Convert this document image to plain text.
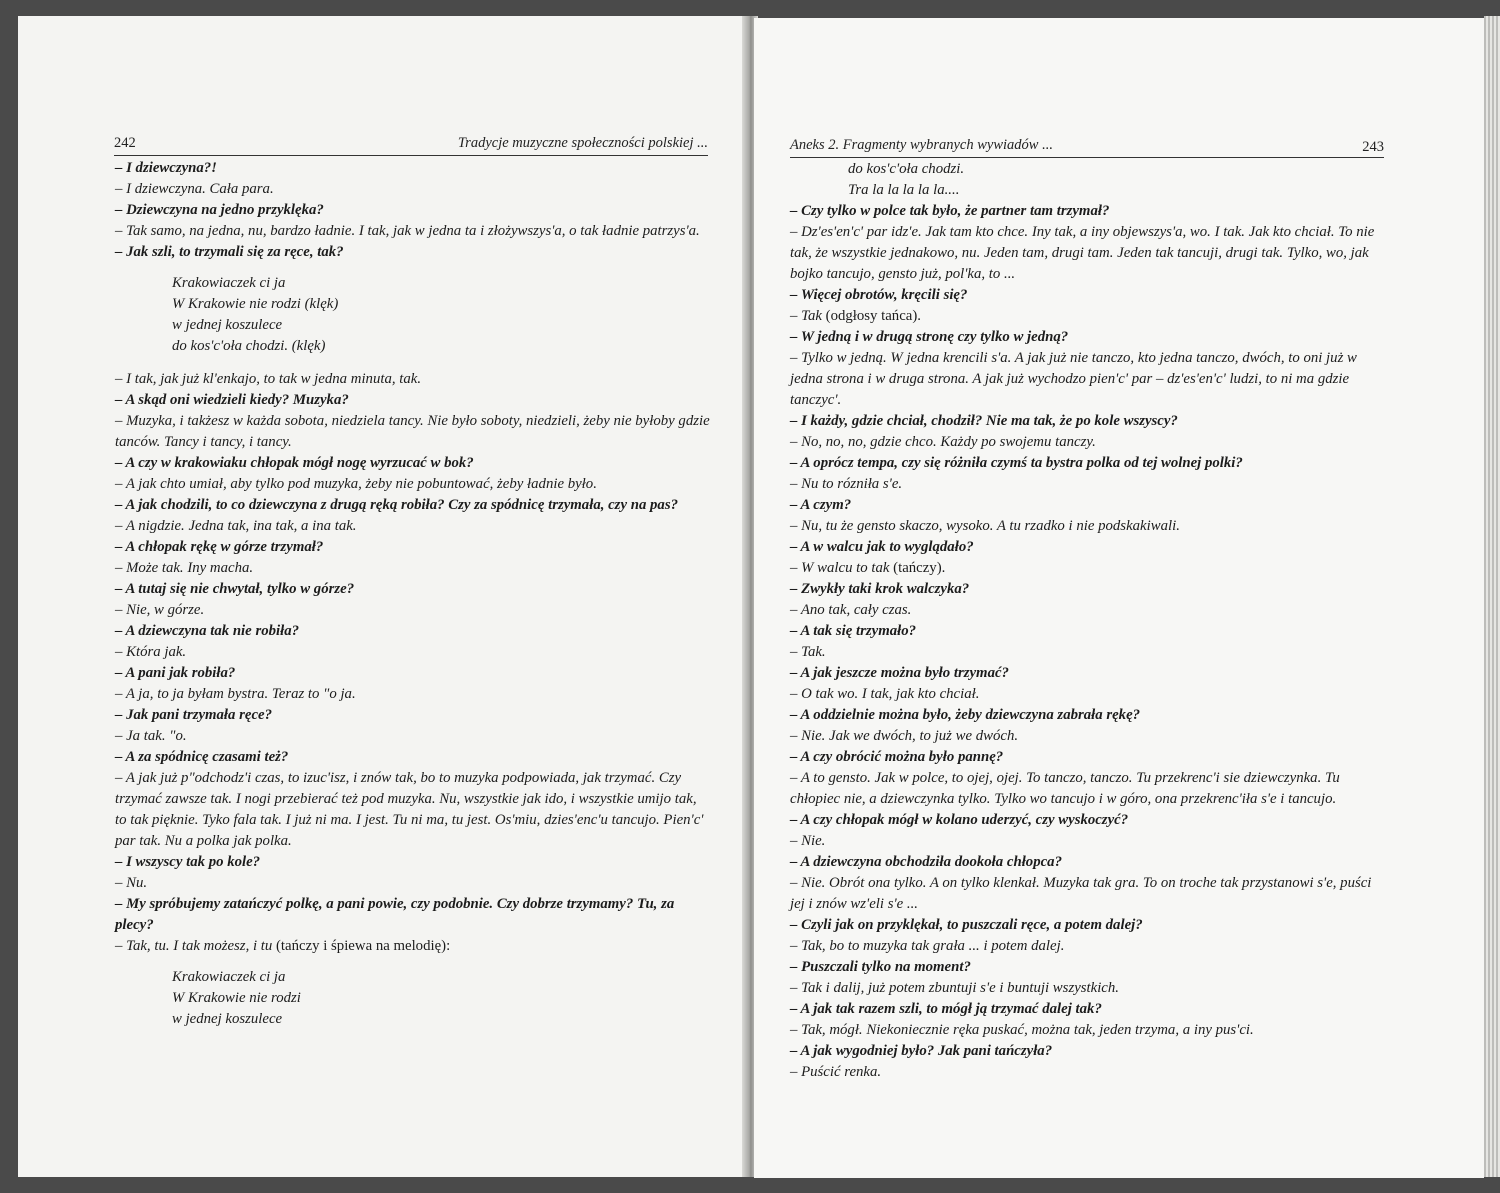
242	Tradycje muzyczne społeczności polskiej ...

– I dziewczyna?!

– I dziewczyna. Cała para.

– Dziewczyna na jedno przyklęka?

– Tak samo, na jedna, nu, bardzo ładnie. I tak, jak w jedna ta i złożywszys'a, o tak ładnie patrzys'a.

– Jak szli, to trzymali się za ręce, tak?

Krakowiaczek ci ja
W Krakowie nie rodzi (klęk)
w jednej koszulece
do kos'c'oła chodzi. (klęk)

– I tak, jak już kl'enkajo, to tak w jedna minuta, tak.

– A skąd oni wiedzieli kiedy? Muzyka?

– Muzyka, i takżesz w każda sobota, niedziela tancy. Nie było soboty, niedzieli, żeby nie byłoby gdzie tanców. Tancy i tancy, i tancy.

– A czy w krakowiaku chłopak mógł nogę wyrzucać w bok?

– A jak chto umiał, aby tylko pod muzyka, żeby nie pobuntować, żeby ładnie było.

– A jak chodzili, to co dziewczyna z drugą ręką robiła? Czy za spódnicę trzymała, czy na pas?

– A nigdzie. Jedna tak, ina tak, a ina tak.

– A chłopak rękę w górze trzymał?

– Może tak. Iny macha.

– A tutaj się nie chwytał, tylko w górze?

– Nie, w górze.

– A dziewczyna tak nie robiła?

– Która jak.

– A pani jak robiła?

– A ja, to ja byłam bystra. Teraz to "o ja.

– Jak pani trzymała ręce?

– Ja tak. "o.

– A za spódnicę czasami też?

– A jak już p"odchodz'i czas, to izuc'isz, i znów tak, bo to muzyka podpowiada, jak trzymać. Czy trzymać zawsze tak. I nogi przebierać też pod muzyka. Nu, wszystkie jak ido, i wszystkie umijo tak, to tak pięknie. Tyko fala tak. I już ni ma. I jest. Tu ni ma, tu jest. Os'miu, dzies'enc'u tancujo. Pien'c' par tak. Nu a polka jak polka.

– I wszyscy tak po kole?

– Nu.

– My spróbujemy zatańczyć polkę, a pani powie, czy podobnie. Czy dobrze trzymamy? Tu, za plecy?

– Tak, tu. I tak możesz, i tu (tańczy i śpiewa na melodię):

Krakowiaczek ci ja
W Krakowie nie rodzi
w jednej koszulece

Aneks 2. Fragmenty wybranych wywiadów ...	243

do kos'c'oła chodzi.
Tra la la la la la....

– Czy tylko w polce tak było, że partner tam trzymał?

– Dz'es'en'c' par idz'e. Jak tam kto chce. Iny tak, a iny objewszys'a, wo. I tak. Jak kto chciał. To nie tak, że wszystkie jednakowo, nu. Jeden tam, drugi tam. Jeden tak tancuji, drugi tak. Tylko, wo, jak bojko tancujo, gensto już, pol'ka, to ...

– Więcej obrotów, kręcili się?

– Tak (odgłosy tańca).

– W jedną i w drugą stronę czy tylko w jedną?

– Tylko w jedną. W jedna krencili s'a. A jak już nie tanczo, kto jedna tanczo, dwóch, to oni już w jedna strona i w druga strona. A jak już wychodzo pien'c' par – dz'es'en'c' ludzi, to ni ma gdzie tanczyc'.

– I każdy, gdzie chciał, chodził? Nie ma tak, że po kole wszyscy?

– No, no, no, gdzie chco. Każdy po swojemu tanczy.

– A oprócz tempa, czy się różniła czymś ta bystra polka od tej wolnej polki?

– Nu to rózniła s'e.

– A czym?

– Nu, tu że gensto skaczo, wysoko. A tu rzadko i nie podskakiwali.

– A w walcu jak to wyglądało?

– W walcu to tak (tańczy).

– Zwykły taki krok walczyka?

– Ano tak, cały czas.

– A tak się trzymało?

– Tak.

– A jak jeszcze można było trzymać?

– O tak wo. I tak, jak kto chciał.

– A oddzielnie można było, żeby dziewczyna zabrała rękę?

– Nie. Jak we dwóch, to już we dwóch.

– A czy obrócić można było pannę?

– A to gensto. Jak w polce, to ojej, ojej. To tanczo, tanczo. Tu przekrenc'i sie dziewczynka. Tu chłopiec nie, a dziewczynka tylko. Tylko wo tancujo i w góro, ona przekrenc'iła s'e i tancujo.

– A czy chłopak mógł w kolano uderzyć, czy wyskoczyć?

– Nie.

– A dziewczyna obchodziła dookoła chłopca?

– Nie. Obrót ona tylko. A on tylko klenkał. Muzyka tak gra. To on troche tak przystanowi s'e, puści jej i znów wz'eli s'e ...

– Czyli jak on przyklękał, to puszczali ręce, a potem dalej?

– Tak, bo to muzyka tak grała ... i potem dalej.

– Puszczali tylko na moment?

– Tak i dalij, już potem zbuntuji s'e i buntuji wszystkich.

– A jak tak razem szli, to mógł ją trzymać dalej tak?

– Tak, mógł. Niekoniecznie ręka puskać, można tak, jeden trzyma, a iny pus'ci.

– A jak wygodniej było? Jak pani tańczyła?

– Puścić renka.
